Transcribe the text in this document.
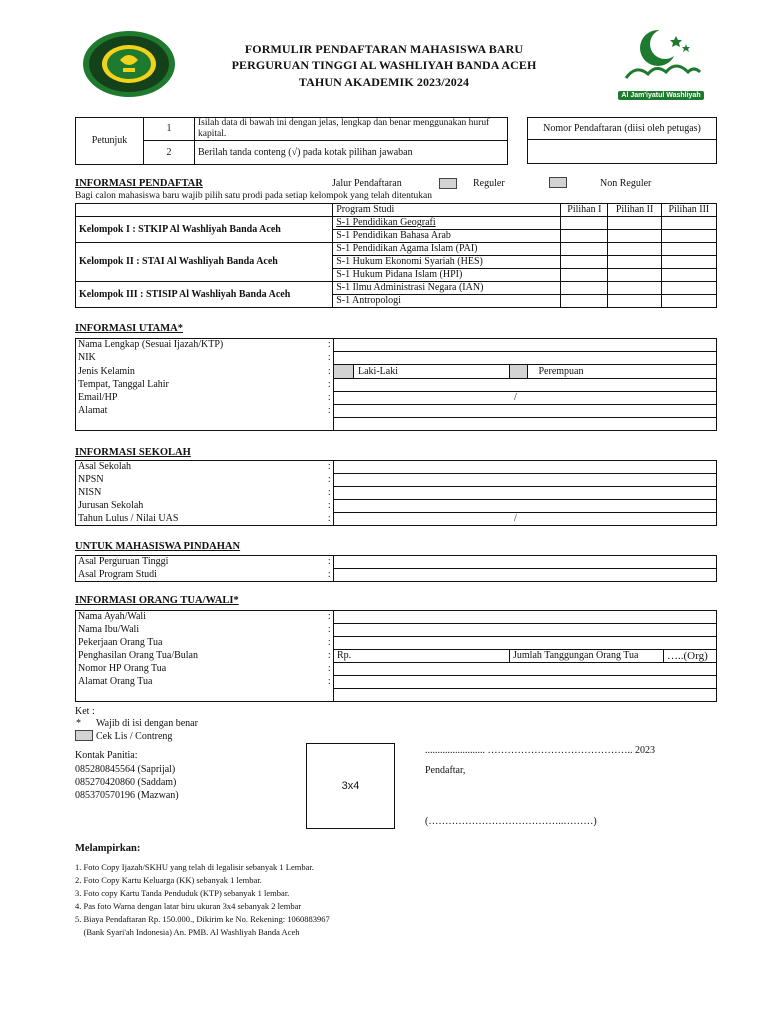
FORMULIR PENDAFTARAN MAHASISWA BARU
PERGURUAN TINGGI AL WASHLIYAH BANDA ACEH
TAHUN AKADEMIK 2023/2024
Al Jam'iyatul Washliyah
Petunjuk	1	Isilah data di bawah ini dengan jelas, lengkap dan benar menggunakan huruf kapital.
	2	Berilah tanda conteng (√) pada kotak pilihan jawaban
Nomor Pendaftaran (diisi oleh petugas)

INFORMASI PENDAFTAR	Jalur Pendaftaran	Reguler	Non Reguler
Bagi calon mahasiswa baru wajib pilih satu prodi pada setiap kelompok yang telah ditentukan
	Program Studi	Pilihan I	Pilihan II	Pilihan III
Kelompok I : STKIP Al Washliyah Banda Aceh	S-1 Pendidikan Geografi			
	S-1 Pendidikan Bahasa Arab			
Kelompok II : STAI Al Washliyah Banda Aceh	S-1 Pendidikan Agama Islam (PAI)			
	S-1 Hukum Ekonomi Syariah (HES)			
	S-1 Hukum Pidana Islam (HPI)			
Kelompok III : STISIP Al Washliyah Banda Aceh	S-1 Ilmu Administrasi Negara (IAN)			
	S-1 Antropologi			
INFORMASI UTAMA*
Nama Lengkap (Sesuai Ijazah/KTP)	:			
NIK	:			
Jenis Kelamin	:		Laki-Laki	Perempuan
Tempat, Tanggal Lahir	:			
Email/HP	:	/		
Alamat	:			

INFORMASI SEKOLAH
Asal Sekolah	:	
NPSN	:	
NISN	:	
Jurusan Sekolah	:	
Tahun Lulus / Nilai UAS	:	/
UNTUK MAHASISWA PINDAHAN
Asal Perguruan Tinggi	:	
Asal Program Studi	:	
INFORMASI ORANG TUA/WALI*
Nama Ayah/Wali	:			
Nama Ibu/Wali	:			
Pekerjaan Orang Tua	:			
Penghasilan Orang Tua/Bulan	:	Rp.	Jumlah Tanggungan Orang Tua	…..(Org)
Nomor HP Orang Tua	:			
Alamat Orang Tua	:			

Ket :
* Wajib di isi dengan benar
Cek Lis / Contreng
Kontak Panitia:
085280845564 (Saprijal)
085270420860 (Saddam)
085370570196 (Mazwan)
3x4
........................ …………………………………….. 2023
Pendaftar,
(…………………………………..………)
Melampirkan:
1. Foto Copy Ijazah/SKHU yang telah di legalisir sebanyak 1 Lembar.
2. Foto Copy Kartu Keluarga (KK) sebanyak 1 lembar.
3. Foto copy Kartu Tanda Penduduk (KTP) sebanyak 1 lembar.
4. Pas foto Warna dengan latar biru ukuran 3x4 sebanyak 2 lembar
5. Biaya Pendaftaran Rp. 150.000., Dikirim ke No. Rekening: 1060883967
(Bank Syari'ah Indonesia) An. PMB. Al Washliyah Banda Aceh
